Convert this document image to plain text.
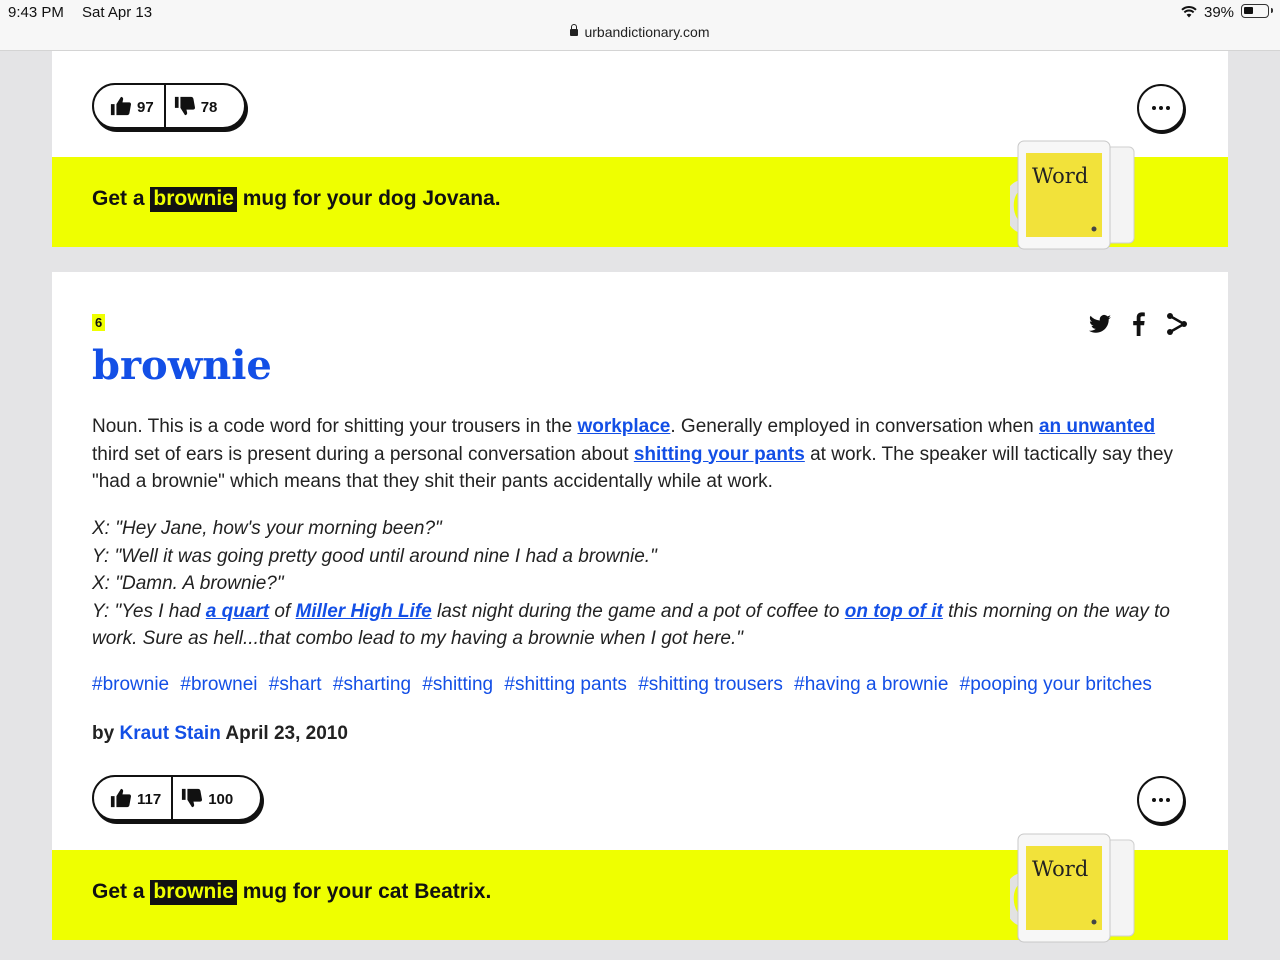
9:43 PM Sat Apr 13
urbandictionary.com
39%
97	78
Get a brownie mug for your dog Jovana.
Word
6
brownie
Noun. This is a code word for shitting your trousers in the workplace. Generally employed in conversation when an unwanted third set of ears is present during a personal conversation about shitting your pants at work. The speaker will tactically say they "had a brownie" which means that they shit their pants accidentally while at work.
X: "Hey Jane, how's your morning been?"
Y: "Well it was going pretty good until around nine I had a brownie."
X: "Damn. A brownie?"
Y: "Yes I had a quart of Miller High Life last night during the game and a pot of coffee to on top of it this morning on the way to work. Sure as hell...that combo lead to my having a brownie when I got here."
#brownie #brownei #shart #sharting #shitting #shitting pants #shitting trousers #having a brownie #pooping your britches
by Kraut Stain April 23, 2010
117	100
Get a brownie mug for your cat Beatrix.
Word
